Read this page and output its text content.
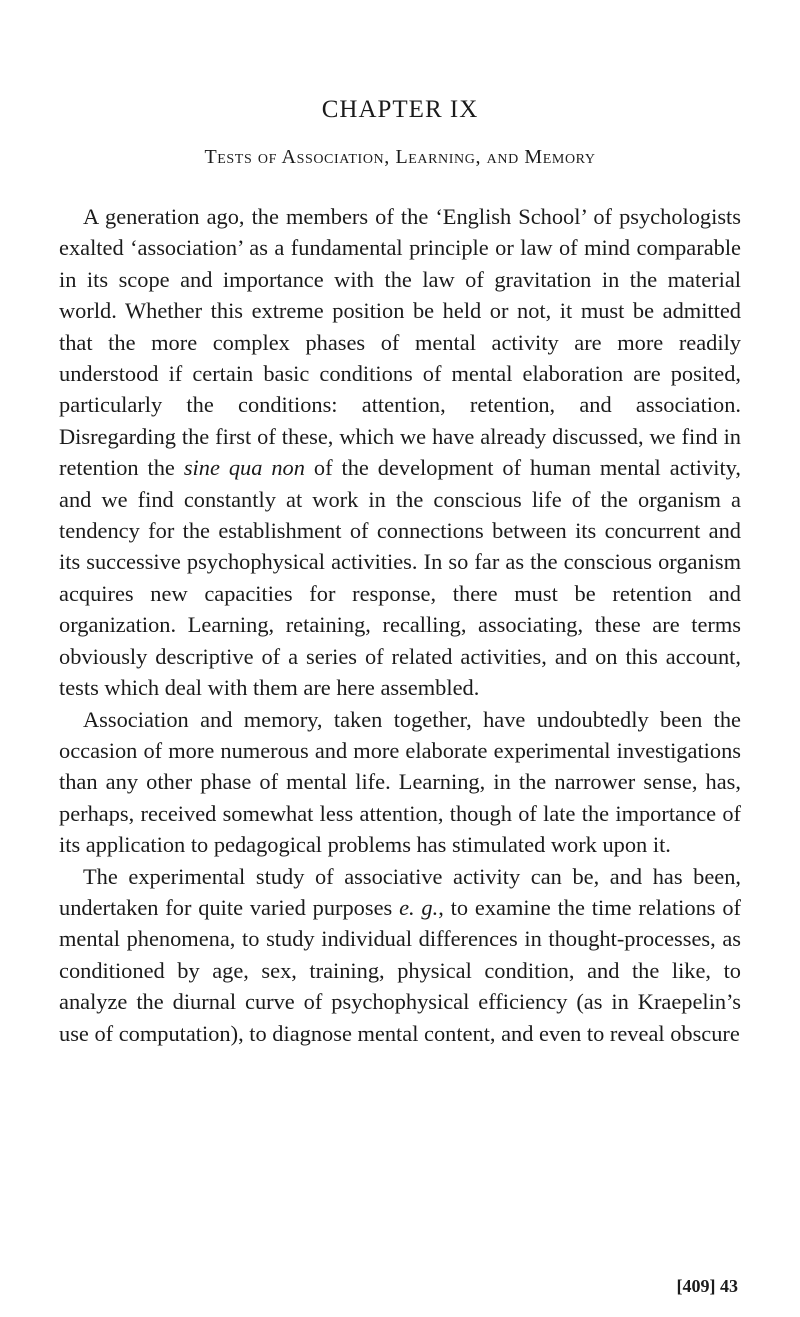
CHAPTER IX
Tests of Association, Learning, and Memory

A generation ago, the members of the ‘English School’ of psychologists exalted ‘association’ as a fundamental principle or law of mind comparable in its scope and importance with the law of gravitation in the material world. Whether this extreme position be held or not, it must be admitted that the more complex phases of mental activity are more readily understood if certain basic conditions of mental elaboration are posited, particularly the conditions: attention, retention, and association. Disregarding the first of these, which we have already discussed, we find in retention the sine qua non of the development of human mental activity, and we find constantly at work in the conscious life of the organism a tendency for the establishment of connections between its concurrent and its successive psychophysical activities. In so far as the conscious organism acquires new capacities for response, there must be retention and organization. Learning, retaining, recalling, associating, these are terms obviously descriptive of a series of related activities, and on this account, tests which deal with them are here assembled.

Association and memory, taken together, have undoubtedly been the occasion of more numerous and more elaborate experimental investigations than any other phase of mental life. Learning, in the narrower sense, has, perhaps, received somewhat less attention, though of late the importance of its application to pedagogical problems has stimulated work upon it.

The experimental study of associative activity can be, and has been, undertaken for quite varied purposes e. g., to examine the time relations of mental phenomena, to study individual differences in thought-processes, as conditioned by age, sex, training, physical condition, and the like, to analyze the diurnal curve of psychophysical efficiency (as in Kraepelin’s use of computation), to diagnose mental content, and even to reveal obscure

[409] 43
